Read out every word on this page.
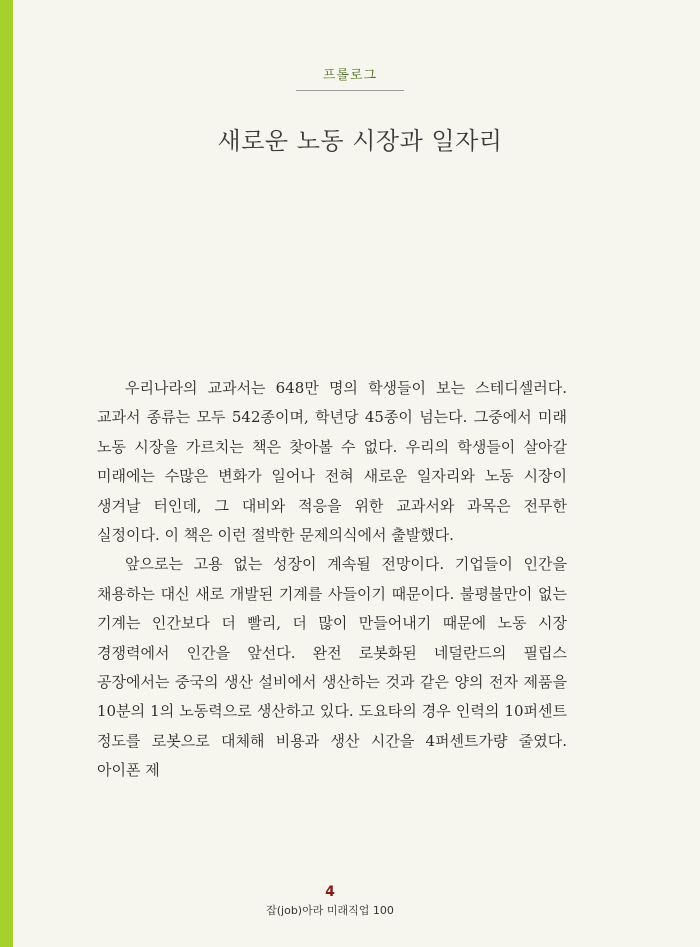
프롤로그
새로운 노동 시장과 일자리

우리나라의 교과서는 648만 명의 학생들이 보는 스테디셀러다. 교과서 종류는 모두 542종이며, 학년당 45종이 넘는다. 그중에서 미래 노동 시장을 가르치는 책은 찾아볼 수 없다. 우리의 학생들이 살아갈 미래에는 수많은 변화가 일어나 전혀 새로운 일자리와 노동 시장이 생겨날 터인데, 그 대비와 적응을 위한 교과서와 과목은 전무한 실정이다. 이 책은 이런 절박한 문제의식에서 출발했다.

앞으로는 고용 없는 성장이 계속될 전망이다. 기업들이 인간을 채용하는 대신 새로 개발된 기계를 사들이기 때문이다. 불평불만이 없는 기계는 인간보다 더 빨리, 더 많이 만들어내기 때문에 노동 시장 경쟁력에서 인간을 앞선다. 완전 로봇화된 네덜란드의 필립스 공장에서는 중국의 생산 설비에서 생산하는 것과 같은 양의 전자 제품을 10분의 1의 노동력으로 생산하고 있다. 도요타의 경우 인력의 10퍼센트 정도를 로봇으로 대체해 비용과 생산 시간을 4퍼센트가량 줄였다. 아이폰 제

4
잡(job)아라 미래직업 100
